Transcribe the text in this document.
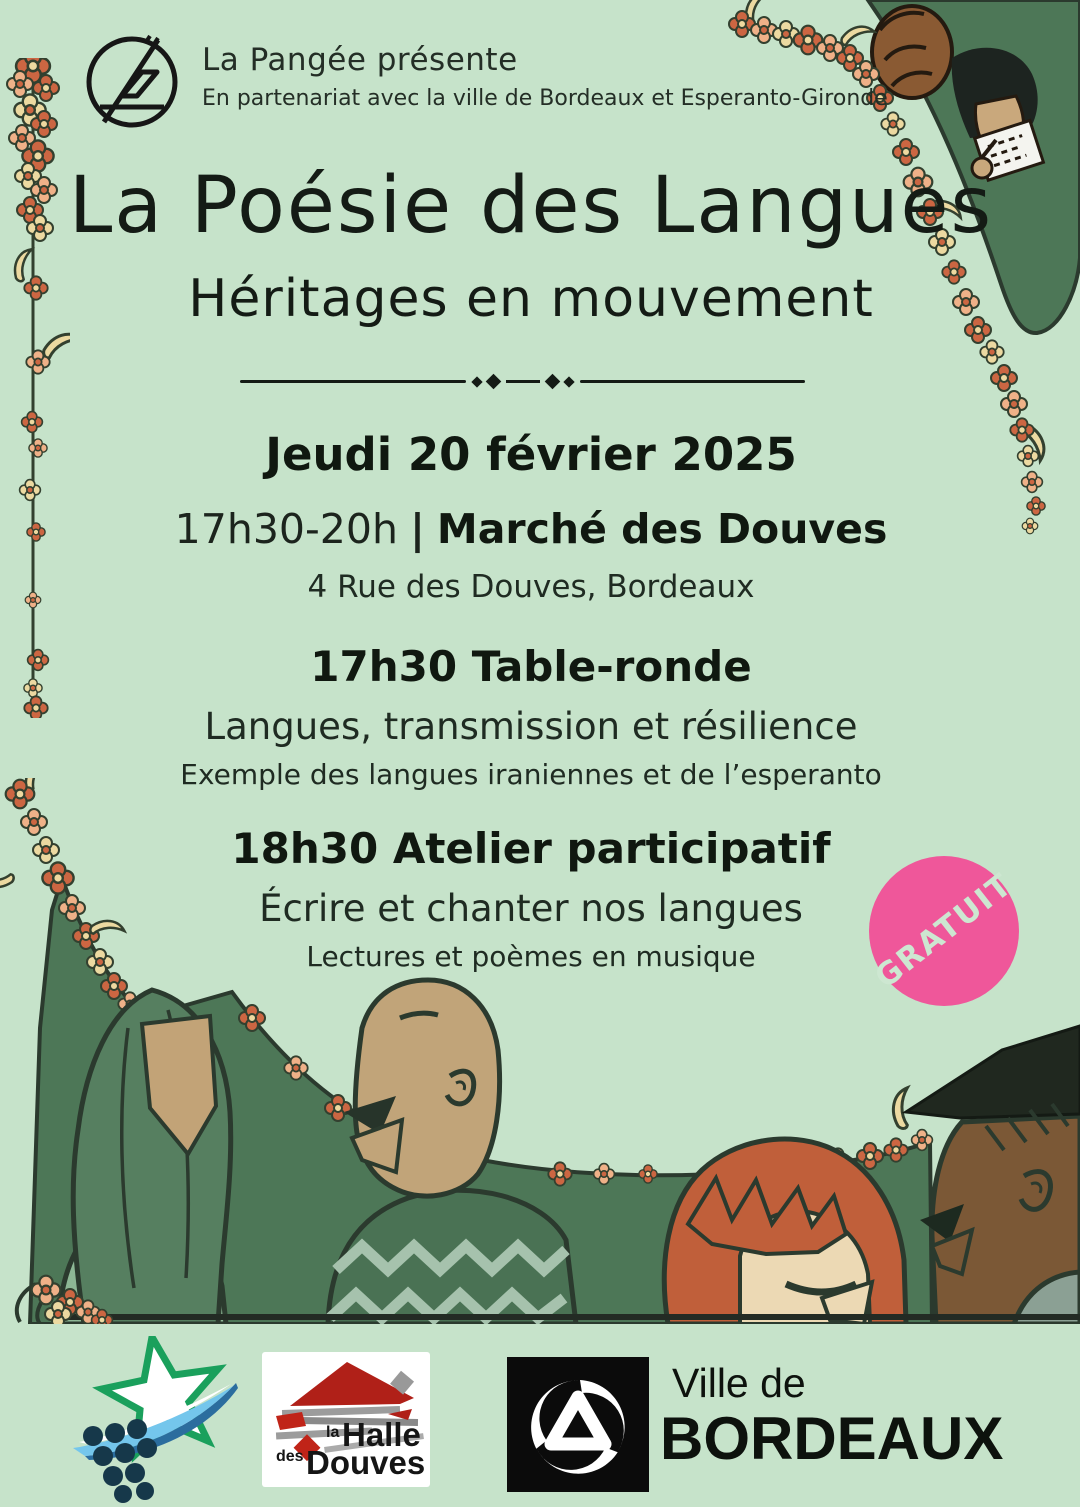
La Pangée présente
En partenariat avec la ville de Bordeaux et Esperanto-Gironde
La Poésie des Langues
Héritages en mouvement
Jeudi 20 février 2025
17h30-20h | Marché des Douves
4 Rue des Douves, Bordeaux
17h30 Table-ronde
Langues, transmission et résilience
Exemple des langues iraniennes et de l’esperanto
18h30 Atelier participatif
Écrire et chanter nos langues
Lectures et poèmes en musique	GRATUIT
la Halle
des Douves
Ville de
BORDEAUX
